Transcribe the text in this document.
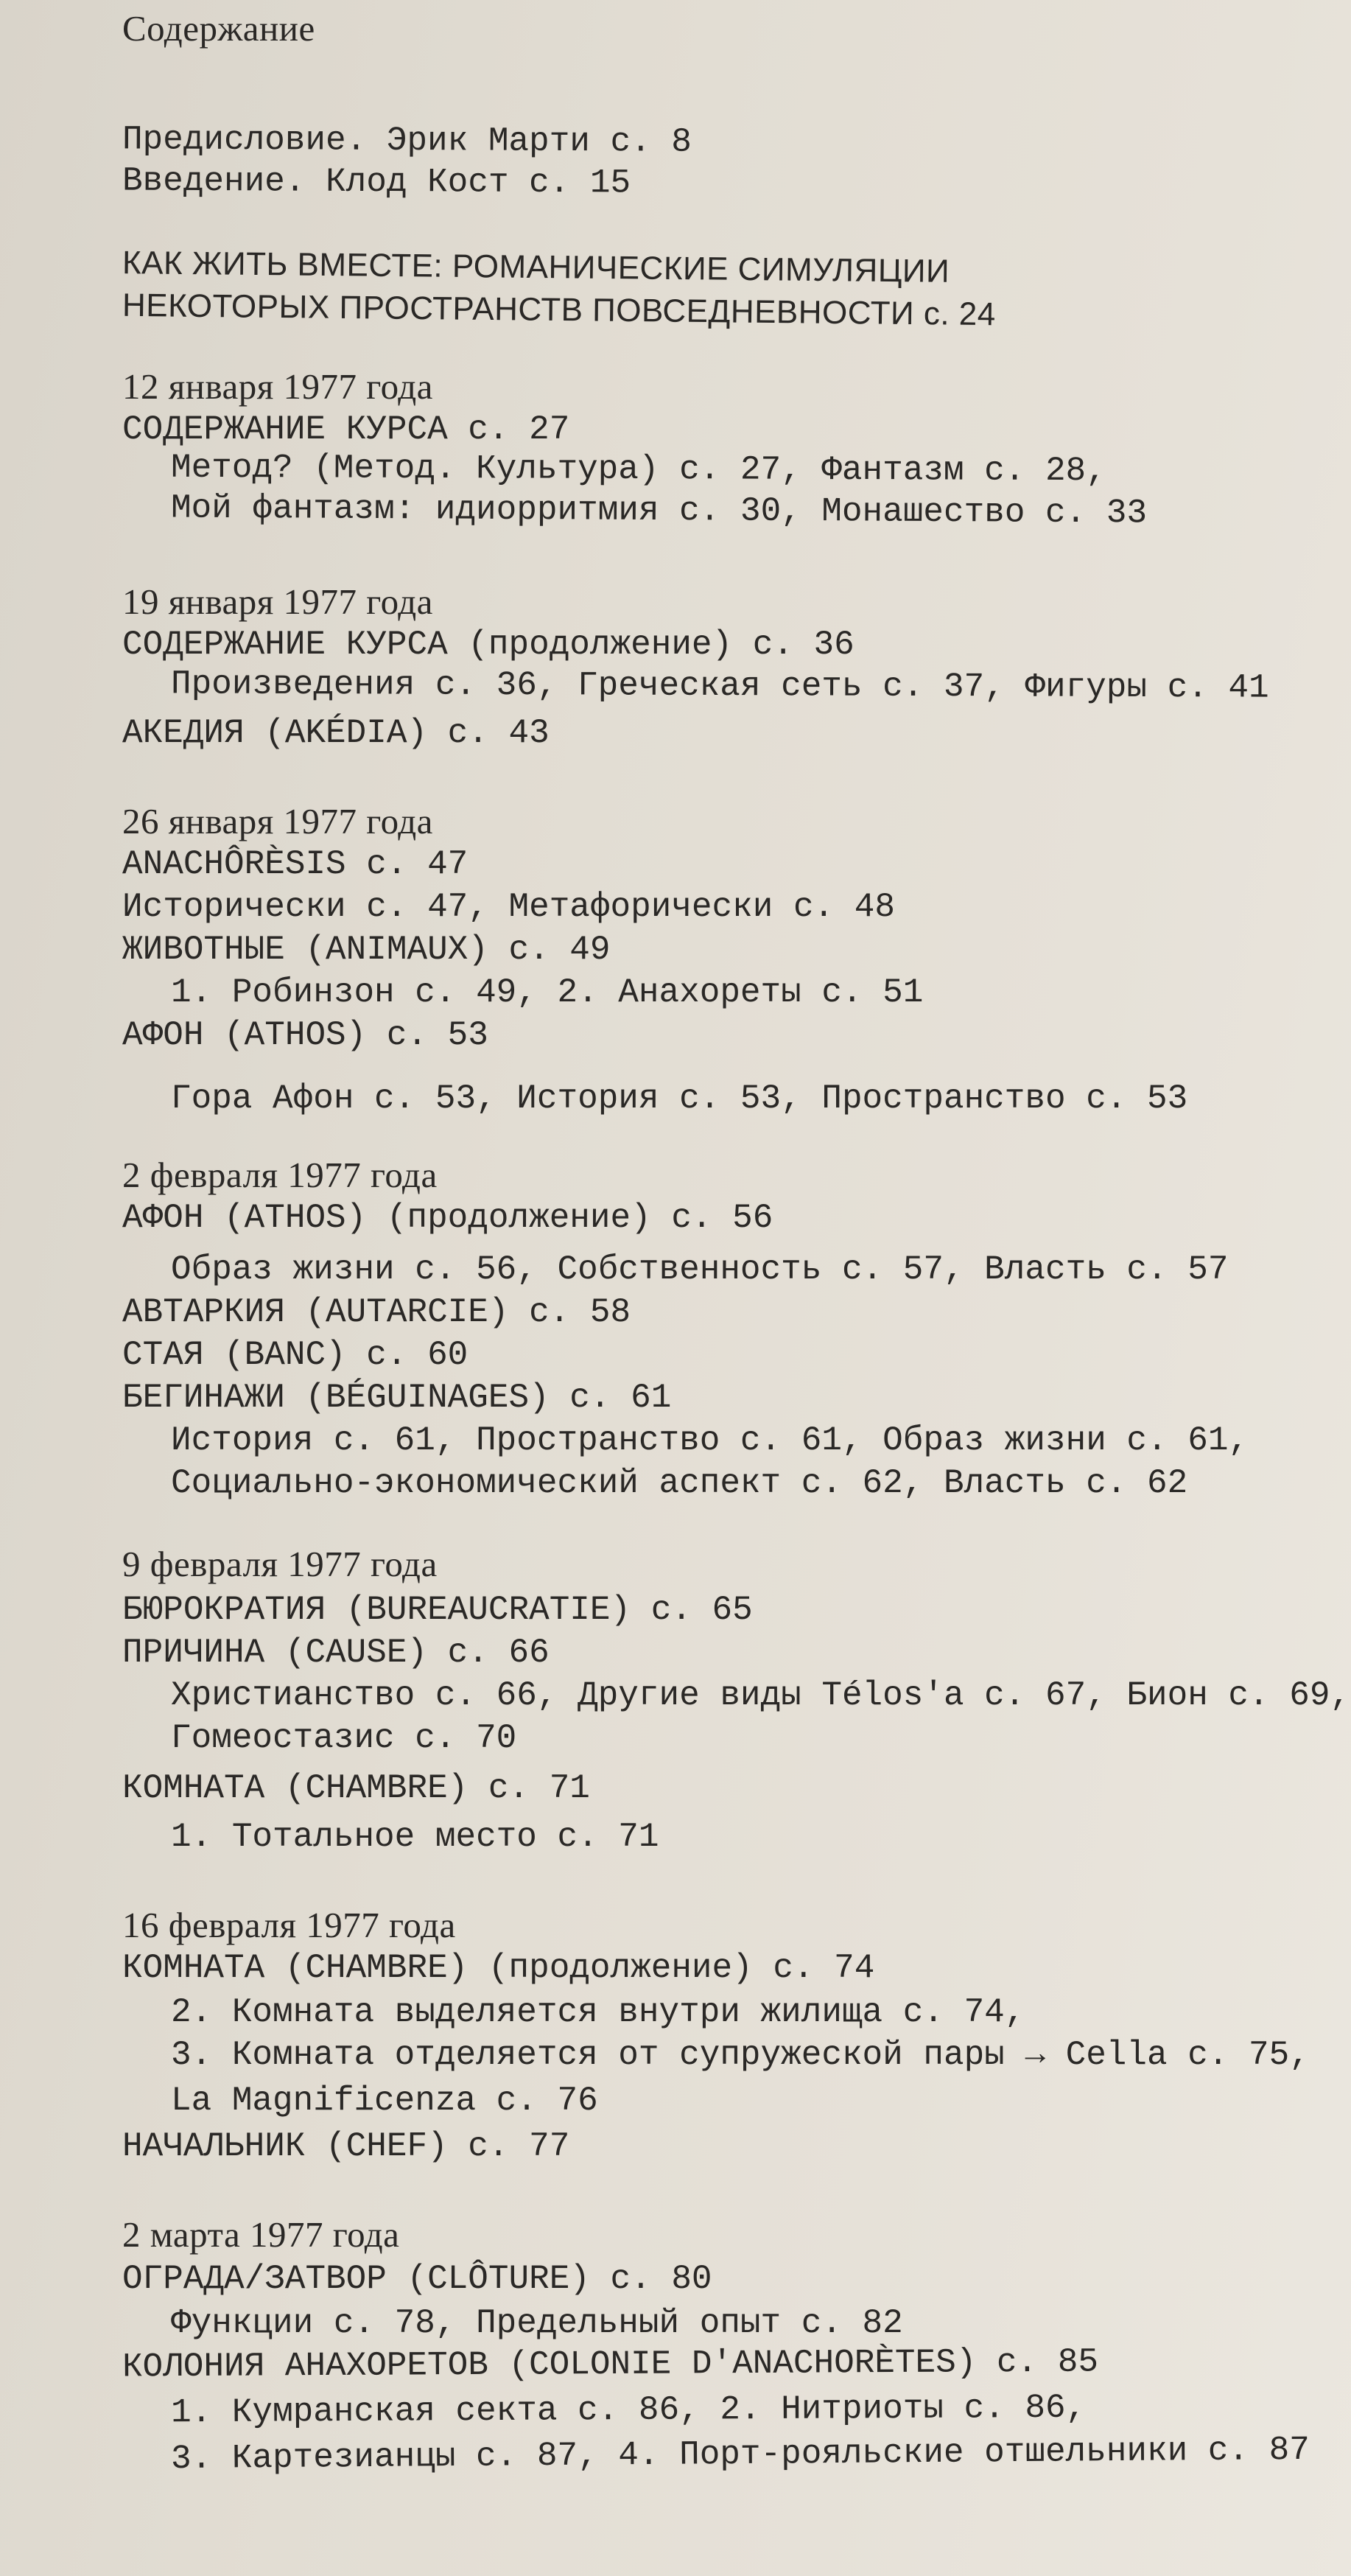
Содержание
Предисловие. Эрик Марти с. 8
Введение. Клод Кост с. 15
КАК ЖИТЬ ВМЕСТЕ: РОМАНИЧЕСКИЕ СИМУЛЯЦИИ
НЕКОТОРЫХ ПРОСТРАНСТВ ПОВСЕДНЕВНОСТИ с. 24
12 января 1977 года
СОДЕРЖАНИЕ КУРСА с. 27
Метод? (Метод. Культура) с. 27, Фантазм с. 28,
Мой фантазм: идиорритмия с. 30, Монашество с. 33
19 января 1977 года
СОДЕРЖАНИЕ КУРСА (продолжение) с. 36
Произведения с. 36, Греческая сеть с. 37, Фигуры с. 41
АКЕДИЯ (AKÉDIA) с. 43
26 января 1977 года
ANACHÔRÈSIS с. 47
Исторически с. 47, Метафорически с. 48
ЖИВОТНЫЕ (ANIMAUX) с. 49
1. Робинзон с. 49, 2. Анахореты с. 51
АФОН (ATHOS) с. 53
Гора Афон с. 53, История с. 53, Пространство с. 53
2 февраля 1977 года
АФОН (ATHOS) (продолжение) с. 56
Образ жизни с. 56, Собственность с. 57, Власть с. 57
АВТАРКИЯ (AUTARCIE) с. 58
СТАЯ (BANC) с. 60
БЕГИНАЖИ (BÉGUINAGES) с. 61
История с. 61, Пространство с. 61, Образ жизни с. 61,
Социально-экономический аспект с. 62, Власть с. 62
9 февраля 1977 года
БЮРОКРАТИЯ (BUREAUCRATIE) с. 65
ПРИЧИНА (CAUSE) с. 66
Христианство с. 66, Другие виды Télos'а с. 67, Бион с. 69,
Гомеостазис с. 70
КОМНАТА (CHAMBRE) с. 71
1. Тотальное место с. 71
16 февраля 1977 года
КОМНАТА (CHAMBRE) (продолжение) с. 74
2. Комната выделяется внутри жилища с. 74,
3. Комната отделяется от супружеской пары → Cella с. 75,
La Magnificenza с. 76
НАЧАЛЬНИК (CHEF) с. 77
2 марта 1977 года
ОГРАДА/ЗАТВОР (CLÔTURE) с. 80
Функции с. 78, Предельный опыт с. 82
КОЛОНИЯ АНАХОРЕТОВ (COLONIE D'ANACHORÈTES) с. 85
1. Кумранская секта с. 86, 2. Нитриоты с. 86,
3. Картезианцы с. 87, 4. Порт-рояльские отшельники с. 87
